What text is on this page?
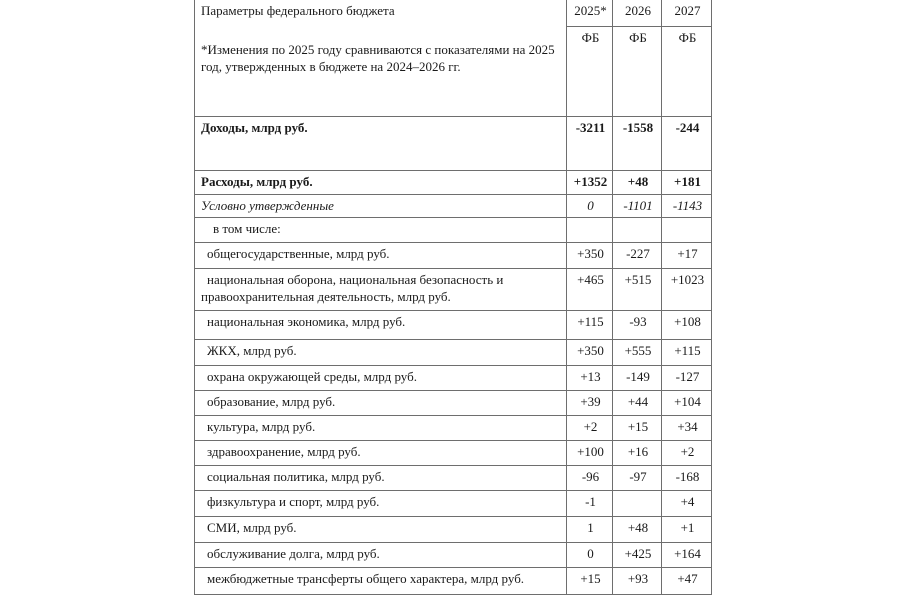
Параметры федерального бюджета
*Изменения по 2025 году сравниваются с показателями на 2025 год, утвержденных в бюджете на 2024–2026 гг.	2025*	2026	2027
	ФБ	ФБ	ФБ
Доходы, млрд руб.	-3211	-1558	-244
Расходы, млрд руб.	+1352	+48	+181
Условно утвержденные	0	-1101	-1143
в том числе:			
общегосударственные, млрд руб.	+350	-227	+17
национальная оборона, национальная безопасность и правоохранительная деятельность, млрд руб.	+465	+515	+1023
национальная экономика, млрд руб.	+115	-93	+108
ЖКХ, млрд руб.	+350	+555	+115
охрана окружающей среды, млрд руб.	+13	-149	-127
образование, млрд руб.	+39	+44	+104
культура, млрд руб.	+2	+15	+34
здравоохранение, млрд руб.	+100	+16	+2
социальная политика, млрд руб.	-96	-97	-168
физкультура и спорт, млрд руб.	-1		+4
СМИ, млрд руб.	1	+48	+1
обслуживание долга, млрд руб.	0	+425	+164
межбюджетные трансферты общего характера, млрд руб.	+15	+93	+47
